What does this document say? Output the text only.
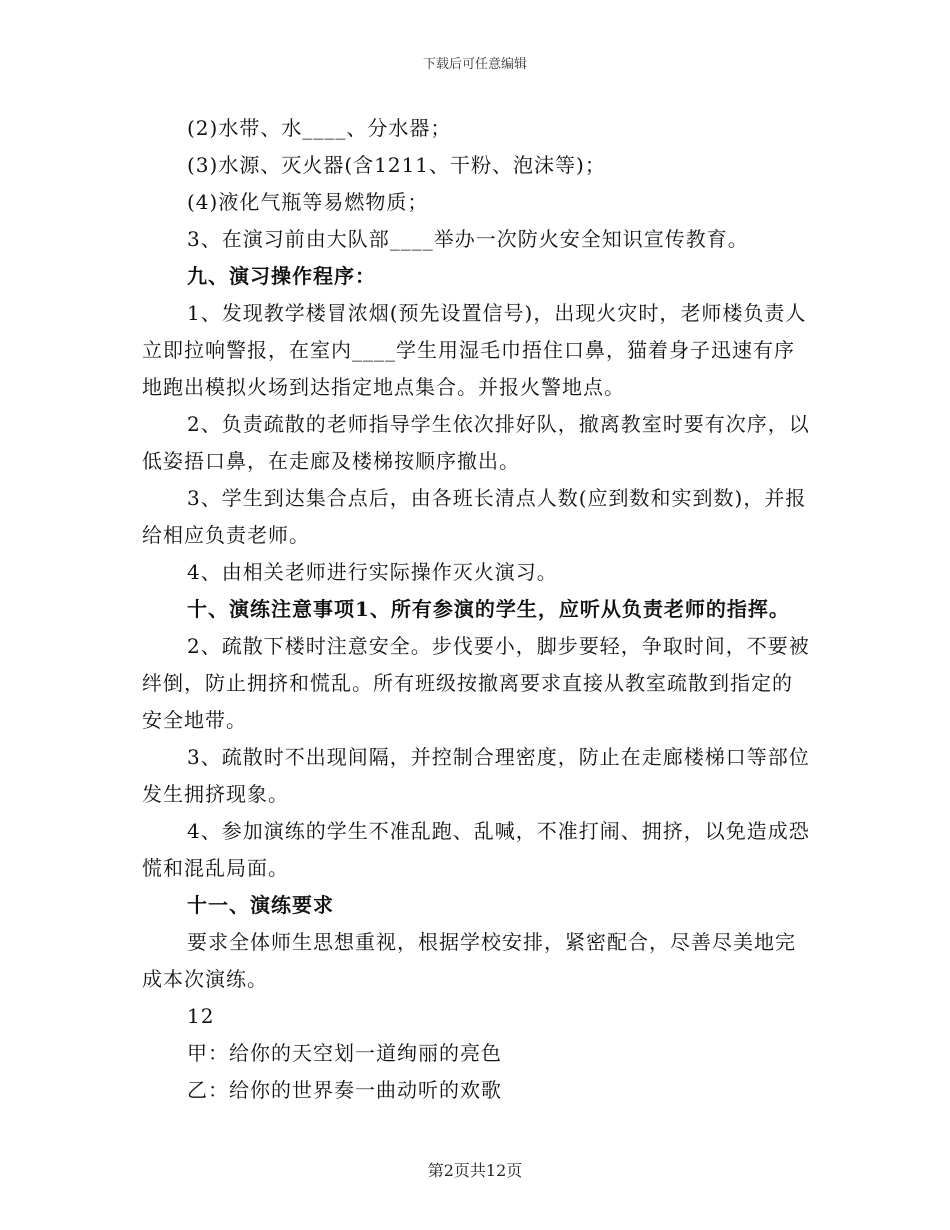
下载后可任意编辑

(2)水带、水____、分水器；

(3)水源、灭火器(含1211、干粉、泡沫等)；

(4)液化气瓶等易燃物质；

3、在演习前由大队部____举办一次防火安全知识宣传教育。

九、演习操作程序：

1、发现教学楼冒浓烟(预先设置信号)，出现火灾时，老师楼负责人立即拉响警报，在室内____学生用湿毛巾捂住口鼻，猫着身子迅速有序地跑出模拟火场到达指定地点集合。并报火警地点。

2、负责疏散的老师指导学生依次排好队，撤离教室时要有次序，以低姿捂口鼻，在走廊及楼梯按顺序撤出。

3、学生到达集合点后，由各班长清点人数(应到数和实到数)，并报给相应负责老师。

4、由相关老师进行实际操作灭火演习。

十、演练注意事项1、所有参演的学生，应听从负责老师的指挥。

2、疏散下楼时注意安全。步伐要小，脚步要轻，争取时间，不要被绊倒，防止拥挤和慌乱。所有班级按撤离要求直接从教室疏散到指定的安全地带。

3、疏散时不出现间隔，并控制合理密度，防止在走廊楼梯口等部位发生拥挤现象。

4、参加演练的学生不准乱跑、乱喊，不准打闹、拥挤，以免造成恐慌和混乱局面。

十一、演练要求

要求全体师生思想重视，根据学校安排，紧密配合，尽善尽美地完成本次演练。

12

甲：给你的天空划一道绚丽的亮色

乙：给你的世界奏一曲动听的欢歌

第2页共12页
